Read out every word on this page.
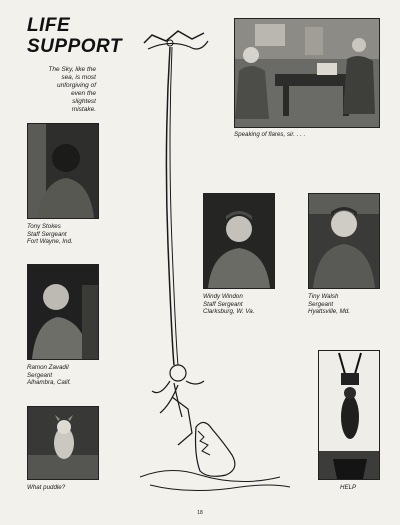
LIFE
SUPPORT
The Sky, like the
sea, is most
unforgiving of
even the
slightest
mistake.
Speaking of flares, sir. . . .
Tony Stokes
Staff Sergeant
Fort Wayne, Ind.
Windy Windon
Staff Sergeant
Clarksburg, W. Va.
Tiny Walsh
Sergeant
Hyattsville, Md.
Ramon Zavadil
Sergeant
Alhambra, Calif.
What puddle?	HELP
18
